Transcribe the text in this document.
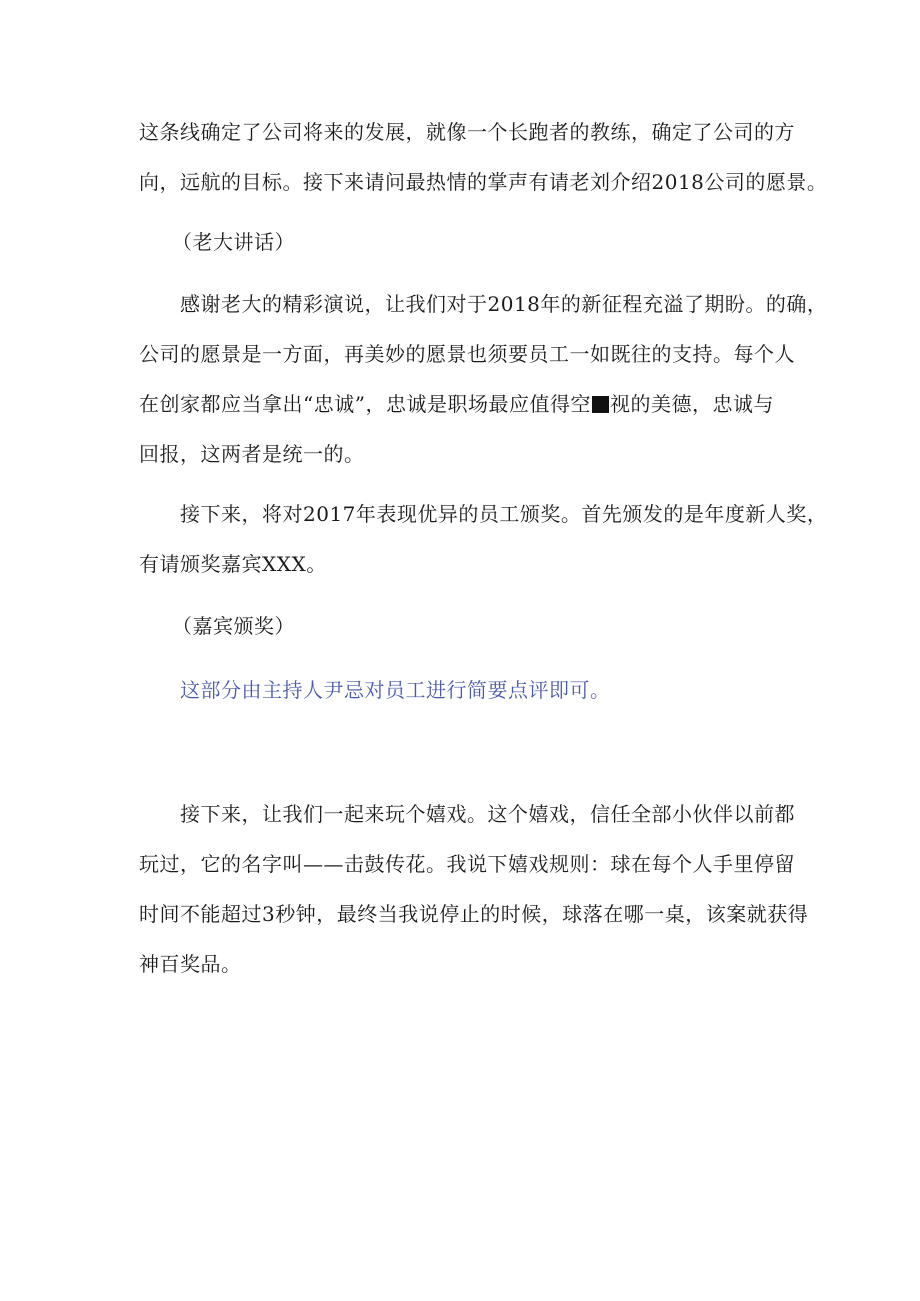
这条线确定了公司将来的发展，就像一个长跑者的教练，确定了公司的方
向，远航的目标。接下来请问最热情的掌声有请老刘介绍2018公司的愿景。
（老大讲话）
感谢老大的精彩演说，让我们对于2018年的新征程充溢了期盼。的确，
公司的愿景是一方面，再美妙的愿景也须要员工一如既往的支持。每个人
在创家都应当拿出“忠诚”，忠诚是职场最应值得空 视的美德，忠诚与
回报，这两者是统一的。
接下来，将对2017年表现优异的员工颁奖。首先颁发的是年度新人奖，
有请颁奖嘉宾XXX。
（嘉宾颁奖）
这部分由主持人尹忌对员工进行简要点评即可。
接下来，让我们一起来玩个嬉戏。这个嬉戏，信任全部小伙伴以前都
玩过，它的名字叫——击鼓传花。我说下嬉戏规则：球在每个人手里停留
时间不能超过3秒钟，最终当我说停止的时候，球落在哪一桌，该案就获得
神百奖品。
